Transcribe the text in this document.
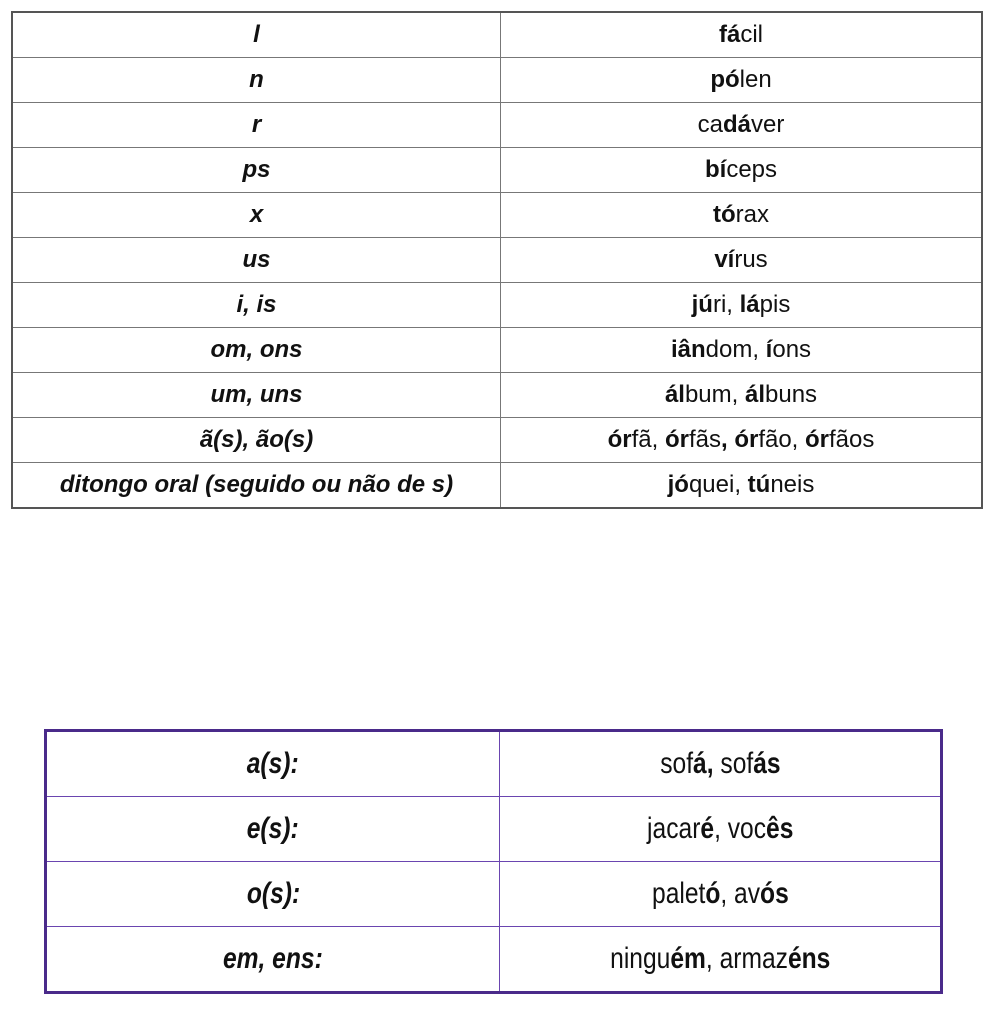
l	fácil
n	pólen
r	cadáver
ps	bíceps
x	tórax
us	vírus
i, is	júri, lápis
om, ons	iândom, íons
um, uns	álbum, álbuns
ã(s), ão(s)	órfã, órfãs, órfão, órfãos
ditongo oral (seguido ou não de s)	jóquei, túneis
a(s):	sofá, sofás
e(s):	jacaré, vocês
o(s):	paletó, avós
em, ens:	ninguém, armazéns
